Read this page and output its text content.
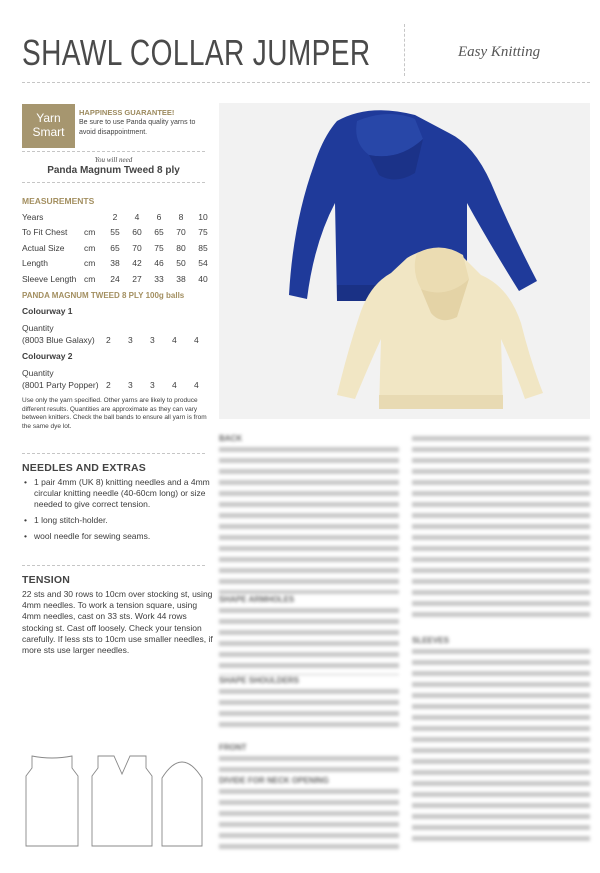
SHAWL COLLAR JUMPER	Easy Knitting
Yarn
Smart
HAPPINESS GUARANTEE!
Be sure to use Panda quality yarns to avoid disappointment.
You will need
Panda Magnum Tweed 8 ply
MEASUREMENTS
Years		2	4	6	8	10
To Fit Chest	cm	55	60	65	70	75
Actual Size	cm	65	70	75	80	85
Length	cm	38	42	46	50	54
Sleeve Length	cm	24	27	33	38	40
PANDA MAGNUM TWEED 8 PLY 100g balls
Colourway 1
Quantity
(8003 Blue Galaxy) 2 3 3 4 4
Colourway 2
Quantity
(8001 Party Popper) 2 3 3 4 4
Use only the yarn specified. Other yarns are likely to produce different results. Quantities are approximate as they can vary between knitters. Check the ball bands to ensure all yarn is from the same dye lot.
NEEDLES AND EXTRAS
• 1 pair 4mm (UK 8) knitting needles and a 4mm circular knitting needle (40-60cm long) or size needed to give correct tension.
• 1 long stitch-holder.
• wool needle for sewing seams.
TENSION
22 sts and 30 rows to 10cm over stocking st, using 4mm needles. To work a tension square, using 4mm needles, cast on 33 sts. Work 44 rows stocking st. Cast off loosely. Check your tension carefully. If less sts to 10cm use smaller needles, if more sts use larger needles.
BACK
SHAPE ARMHOLES
SHAPE SHOULDERS
FRONT
DIVIDE FOR NECK OPENING
SLEEVES
